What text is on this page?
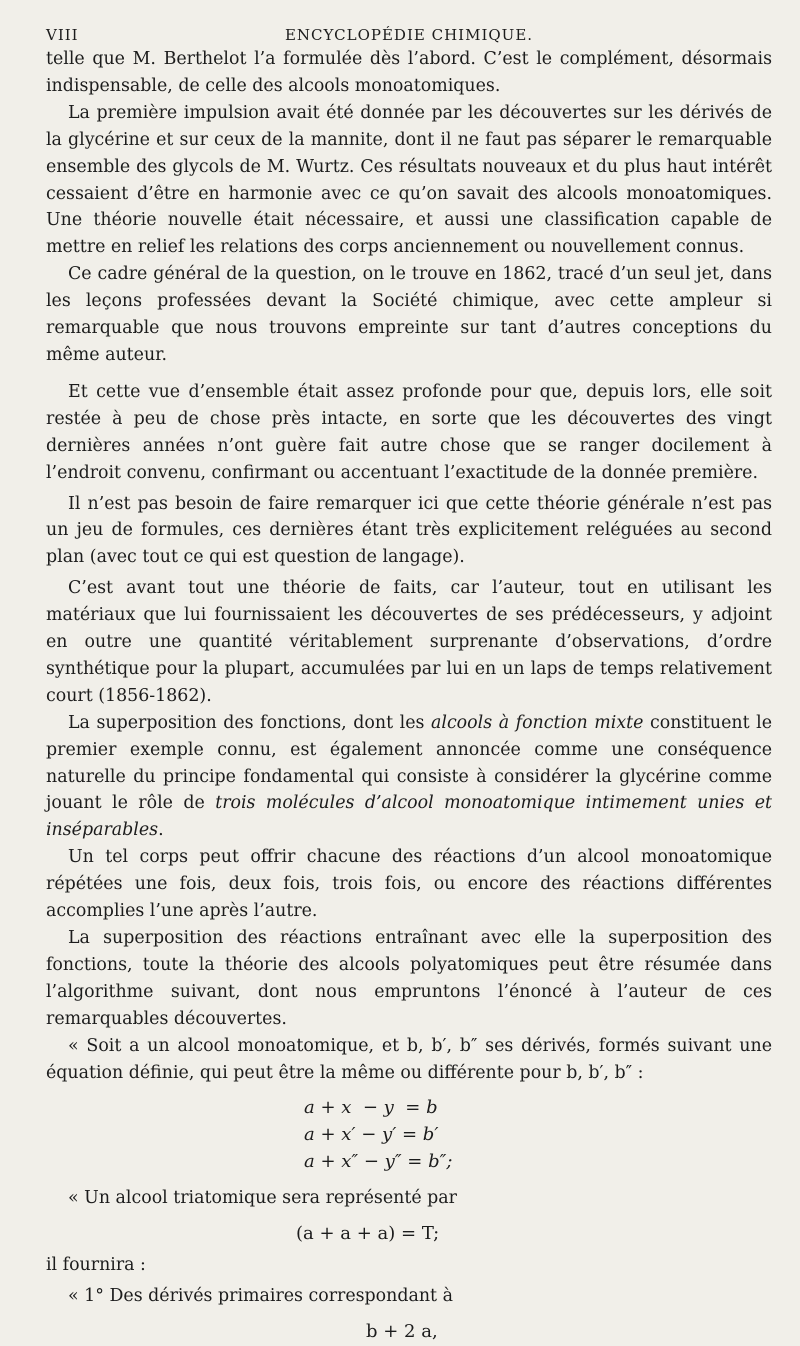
VIII	ENCYCLOPÉDIE CHIMIQUE.

telle que M. Berthelot l’a formulée dès l’abord. C’est le complément, désormais indispensable, de celle des alcools monoatomiques.

La première impulsion avait été donnée par les découvertes sur les dérivés de la glycérine et sur ceux de la mannite, dont il ne faut pas séparer le remarquable ensemble des glycols de M. Wurtz. Ces résultats nouveaux et du plus haut intérêt cessaient d’être en harmonie avec ce qu’on savait des alcools monoatomiques. Une théorie nouvelle était nécessaire, et aussi une classification capable de mettre en relief les relations des corps anciennement ou nouvellement connus.

Ce cadre général de la question, on le trouve en 1862, tracé d’un seul jet, dans les leçons professées devant la Société chimique, avec cette ampleur si remarquable que nous trouvons empreinte sur tant d’autres conceptions du même auteur.

Et cette vue d’ensemble était assez profonde pour que, depuis lors, elle soit restée à peu de chose près intacte, en sorte que les découvertes des vingt dernières années n’ont guère fait autre chose que se ranger docilement à l’endroit convenu, confirmant ou accentuant l’exactitude de la donnée première.

Il n’est pas besoin de faire remarquer ici que cette théorie générale n’est pas un jeu de formules, ces dernières étant très explicitement reléguées au second plan (avec tout ce qui est question de langage).

C’est avant tout une théorie de faits, car l’auteur, tout en utilisant les matériaux que lui fournissaient les découvertes de ses prédécesseurs, y adjoint en outre une quantité véritablement surprenante d’observations, d’ordre synthétique pour la plupart, accumulées par lui en un laps de temps relativement court (1856-1862).

La superposition des fonctions, dont les alcools à fonction mixte constituent le premier exemple connu, est également annoncée comme une conséquence naturelle du principe fondamental qui consiste à considérer la glycérine comme jouant le rôle de trois molécules d’alcool monoatomique intimement unies et inséparables.

Un tel corps peut offrir chacune des réactions d’un alcool monoatomique répétées une fois, deux fois, trois fois, ou encore des réactions différentes accomplies l’une après l’autre.

La superposition des réactions entraînant avec elle la superposition des fonctions, toute la théorie des alcools polyatomiques peut être résumée dans l’algorithme suivant, dont nous empruntons l’énoncé à l’auteur de ces remarquables découvertes.

« Soit a un alcool monoatomique, et b, b′, b″ ses dérivés, formés suivant une équation définie, qui peut être la même ou différente pour b, b′, b″ :

a + x  − y  = b
a + x′ − y′ = b′
a + x″ − y″ = b″;

« Un alcool triatomique sera représenté par

(a + a + a) = T;

il fournira :

« 1° Des dérivés primaires correspondant à

b + 2 a,
